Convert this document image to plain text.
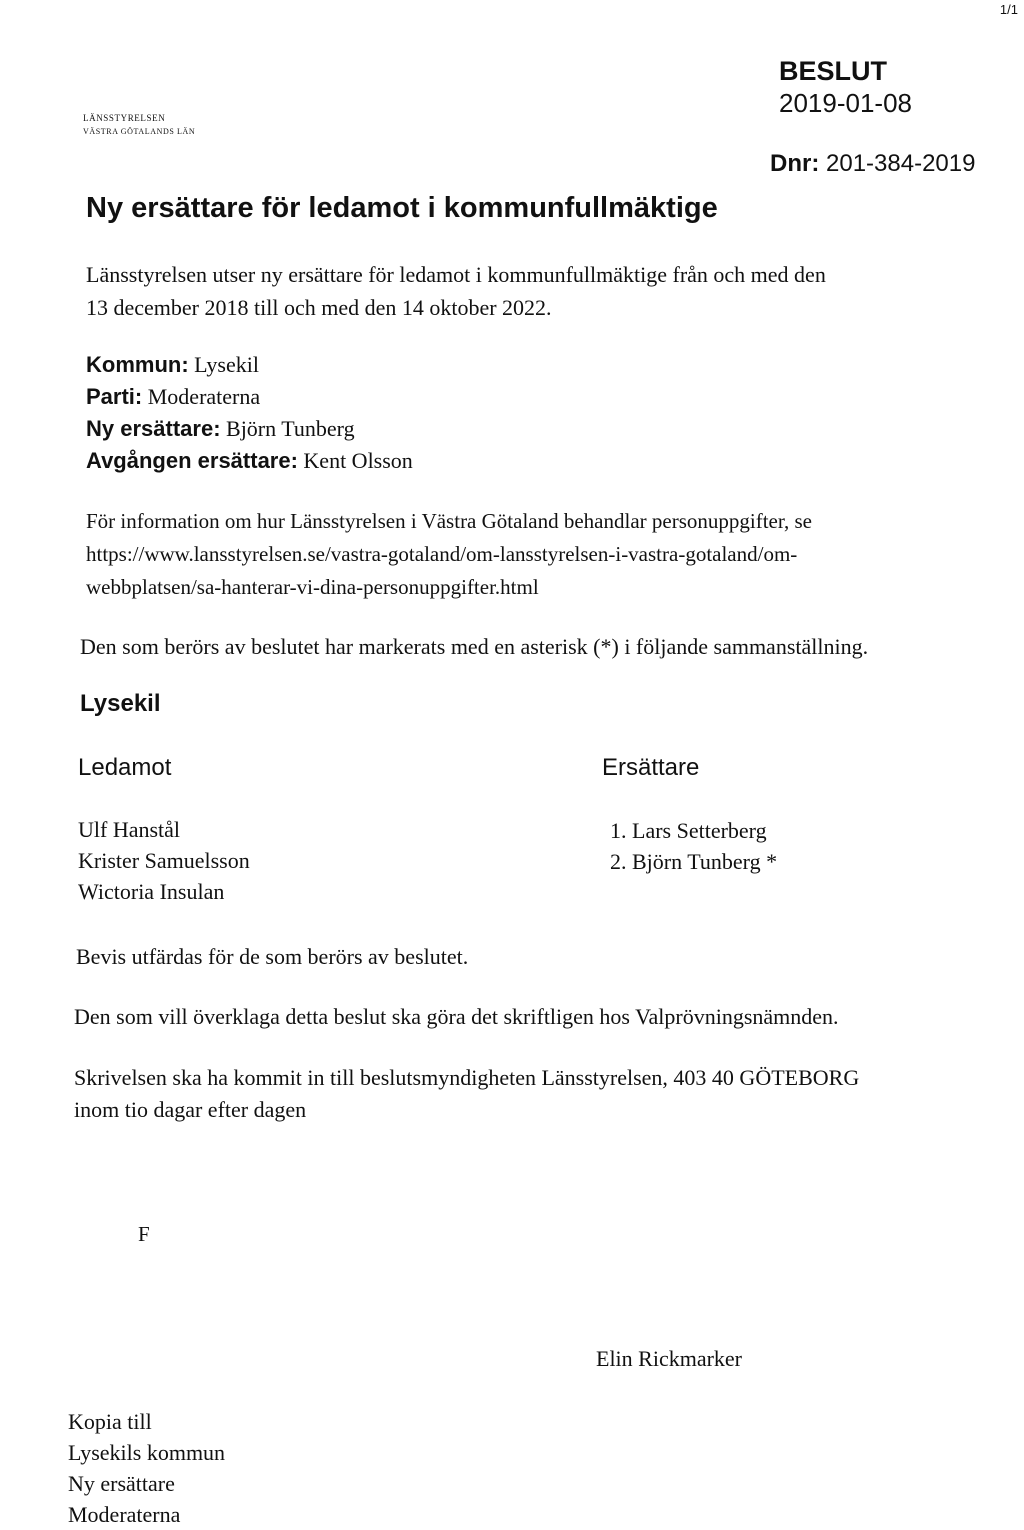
1/1
LÄNSSTYRELSEN
VÄSTRA GÖTALANDS LÄN
BESLUT
2019-01-08
Dnr: 201-384-2019
Ny ersättare för ledamot i kommunfullmäktige
Länsstyrelsen utser ny ersättare för ledamot i kommunfullmäktige från och med den
13 december 2018 till och med den 14 oktober 2022.
Kommun: Lysekil
Parti: Moderaterna
Ny ersättare: Björn Tunberg
Avgången ersättare: Kent Olsson
För information om hur Länsstyrelsen i Västra Götaland behandlar personuppgifter, se
https://www.lansstyrelsen.se/vastra-gotaland/om-lansstyrelsen-i-vastra-gotaland/om-
webbplatsen/sa-hanterar-vi-dina-personuppgifter.html
Den som berörs av beslutet har markerats med en asterisk (*) i följande sammanställning.
Lysekil
Ledamot	Ersättare
Ulf Hanstål
Krister Samuelsson
Wictoria Insulan
1. Lars Setterberg
2. Björn Tunberg *
Bevis utfärdas för de som berörs av beslutet.
Den som vill överklaga detta beslut ska göra det skriftligen hos Valprövningsnämnden.
Skrivelsen ska ha kommit in till beslutsmyndigheten Länsstyrelsen, 403 40 GÖTEBORG
inom tio dagar efter dagen
F
Elin Rickmarker
Kopia till
Lysekils kommun
Ny ersättare
Moderaterna
